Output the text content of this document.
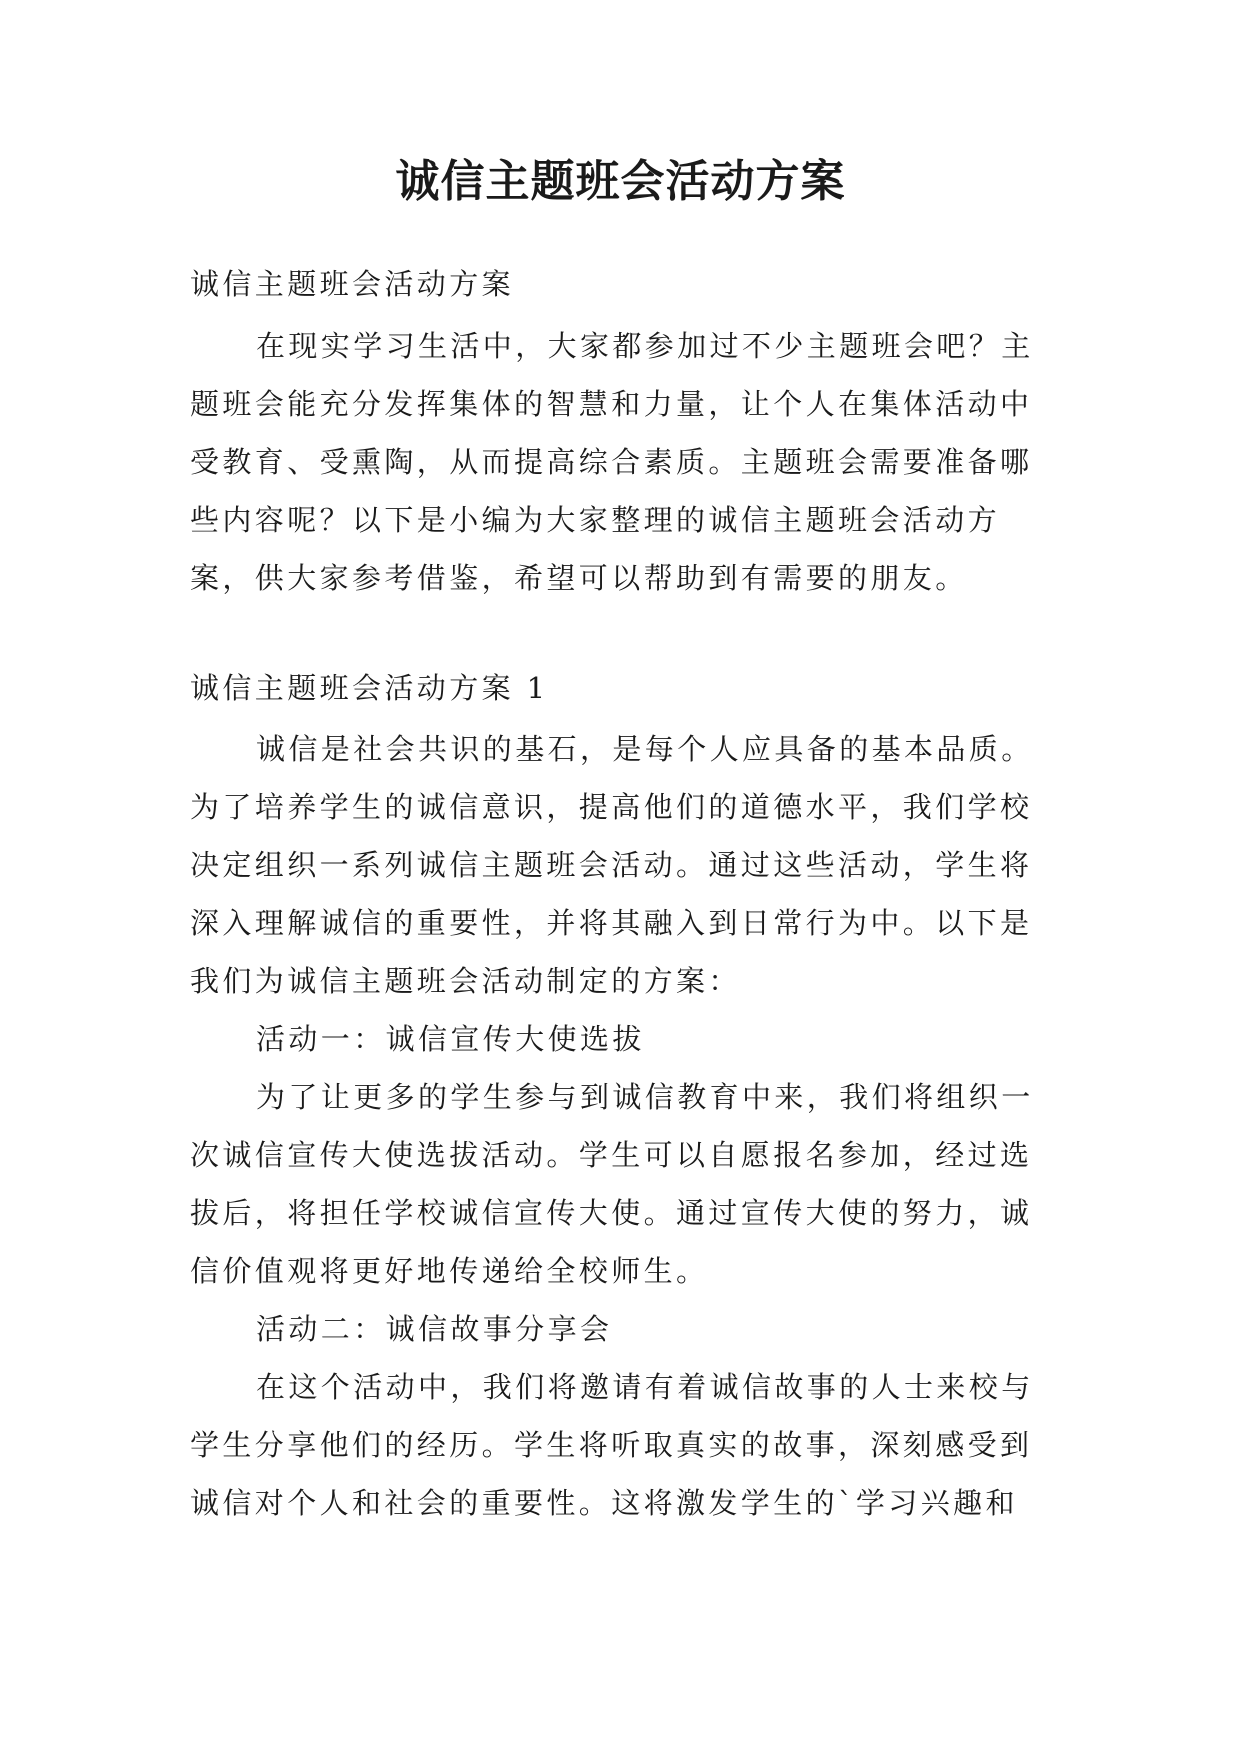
诚信主题班会活动方案

诚信主题班会活动方案

在现实学习生活中，大家都参加过不少主题班会吧？主

题班会能充分发挥集体的智慧和力量，让个人在集体活动中

受教育、受熏陶，从而提高综合素质。主题班会需要准备哪

些内容呢？以下是小编为大家整理的诚信主题班会活动方

案，供大家参考借鉴，希望可以帮助到有需要的朋友。

诚信主题班会活动方案 1

诚信是社会共识的基石，是每个人应具备的基本品质。

为了培养学生的诚信意识，提高他们的道德水平，我们学校

决定组织一系列诚信主题班会活动。通过这些活动，学生将

深入理解诚信的重要性，并将其融入到日常行为中。以下是

我们为诚信主题班会活动制定的方案：

活动一：诚信宣传大使选拔

为了让更多的学生参与到诚信教育中来，我们将组织一

次诚信宣传大使选拔活动。学生可以自愿报名参加，经过选

拔后，将担任学校诚信宣传大使。通过宣传大使的努力，诚

信价值观将更好地传递给全校师生。

活动二：诚信故事分享会

在这个活动中，我们将邀请有着诚信故事的人士来校与

学生分享他们的经历。学生将听取真实的故事，深刻感受到

诚信对个人和社会的重要性。这将激发学生的`学习兴趣和
